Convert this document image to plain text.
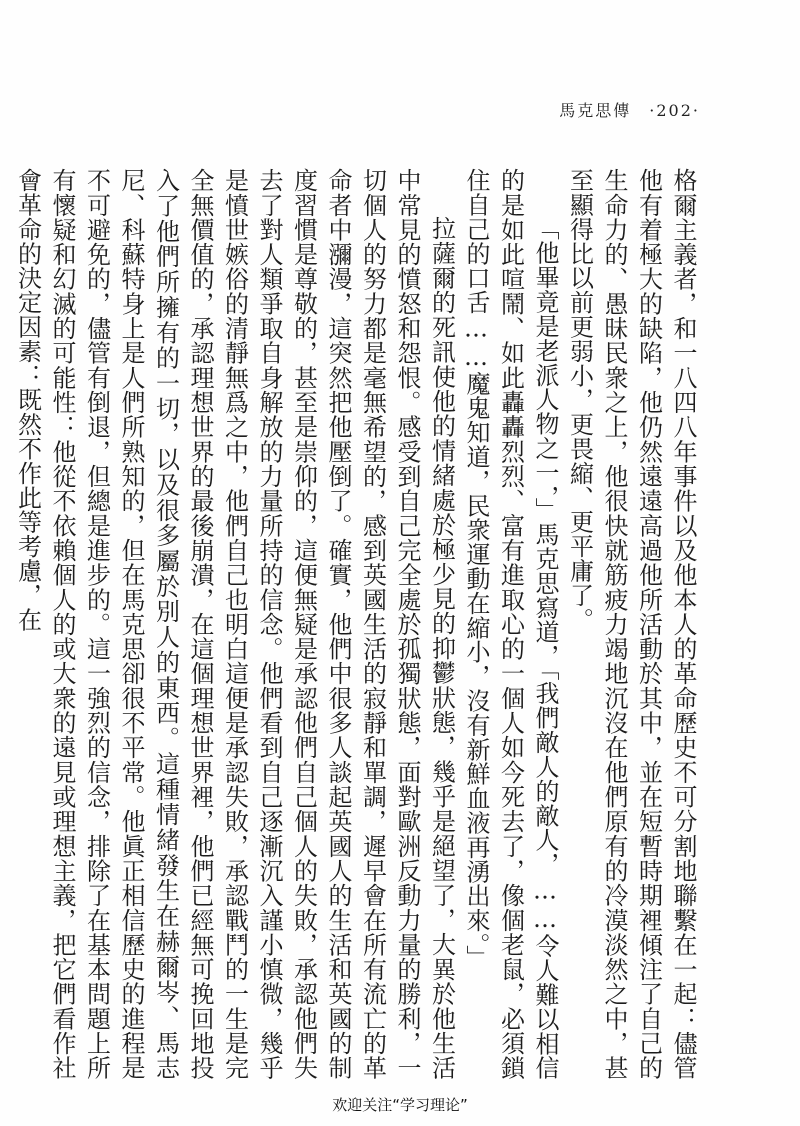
馬克思傳 ·202·

格爾主義者，和一八四八年事件以及他本人的革命歷史不可分割地聯繫在一起：儘管他有着極大的缺陷，他仍然遠遠高過他所活動於其中，並在短暫時期裡傾注了自己的生命力的、愚昧民衆之上，他很快就筋疲力竭地沉沒在他們原有的冷漠淡然之中，甚至顯得比以前更弱小，更畏縮、更平庸了。

「他畢竟是老派人物之一，」馬克思寫道，「我們敵人的敵人，……令人難以相信的是如此喧鬧、如此轟轟烈烈、富有進取心的一個人如今死去了，像個老鼠，必須鎖住自己的口舌……魔鬼知道，民衆運動在縮小，沒有新鮮血液再湧出來。」

拉薩爾的死訊使他的情緒處於極少見的抑鬱狀態，幾乎是絕望了，大異於他生活中常見的憤怒和怨恨。感受到自己完全處於孤獨狀態，面對歐洲反動力量的勝利，一切個人的努力都是毫無希望的，感到英國生活的寂靜和單調，遲早會在所有流亡的革命者中瀰漫，這突然把他壓倒了。確實，他們中很多人談起英國人的生活和英國的制度習慣是尊敬的，甚至是崇仰的，這便無疑是承認他們自己個人的失敗，承認他們失去了對人類爭取自身解放的力量所持的信念。他們看到自己逐漸沉入謹小慎微，幾乎是憤世嫉俗的清靜無爲之中，他們自己也明白這便是承認失敗，承認戰鬥的一生是完全無價值的，承認理想世界的最後崩潰，在這個理想世界裡，他們已經無可挽回地投入了他們所擁有的一切，以及很多屬於別人的東西。這種情緒發生在赫爾岑、馬志尼、科蘇特身上是人們所熟知的，但在馬克思卻很不平常。他眞正相信歷史的進程是不可避免的，儘管有倒退，但總是進步的。這一強烈的信念，排除了在基本問題上所有懷疑和幻滅的可能性：他從不依賴個人的或大衆的遠見或理想主義，把它們看作社會革命的決定因素：既然不作此等考慮，在

欢迎关注“学习理论”
